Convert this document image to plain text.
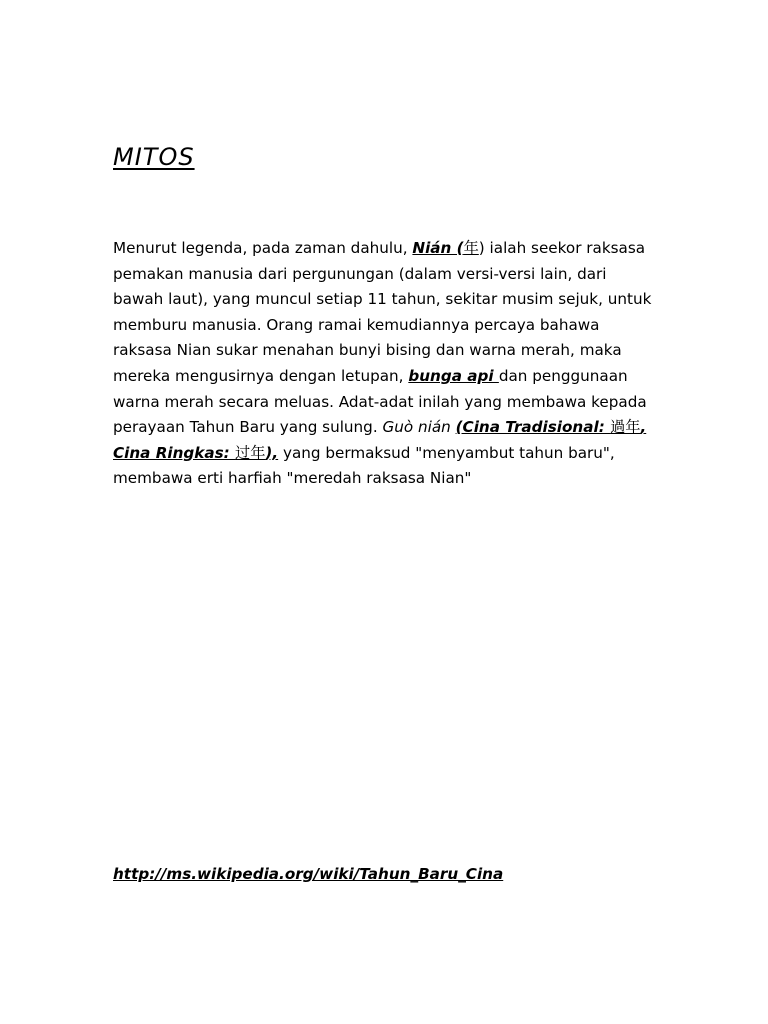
MITOS

Menurut legenda, pada zaman dahulu, Nián (年) ialah seekor raksasa pemakan manusia dari pergunungan (dalam versi-versi lain, dari bawah laut), yang muncul setiap 11 tahun, sekitar musim sejuk, untuk memburu manusia. Orang ramai kemudiannya percaya bahawa raksasa Nian sukar menahan bunyi bising dan warna merah, maka mereka mengusirnya dengan letupan, bunga api dan penggunaan warna merah secara meluas. Adat-adat inilah yang membawa kepada perayaan Tahun Baru yang sulung. Guò nián (Cina Tradisional: 過年, Cina Ringkas: 过年), yang bermaksud "menyambut tahun baru", membawa erti harfiah "meredah raksasa Nian"

http://ms.wikipedia.org/wiki/Tahun_Baru_Cina
